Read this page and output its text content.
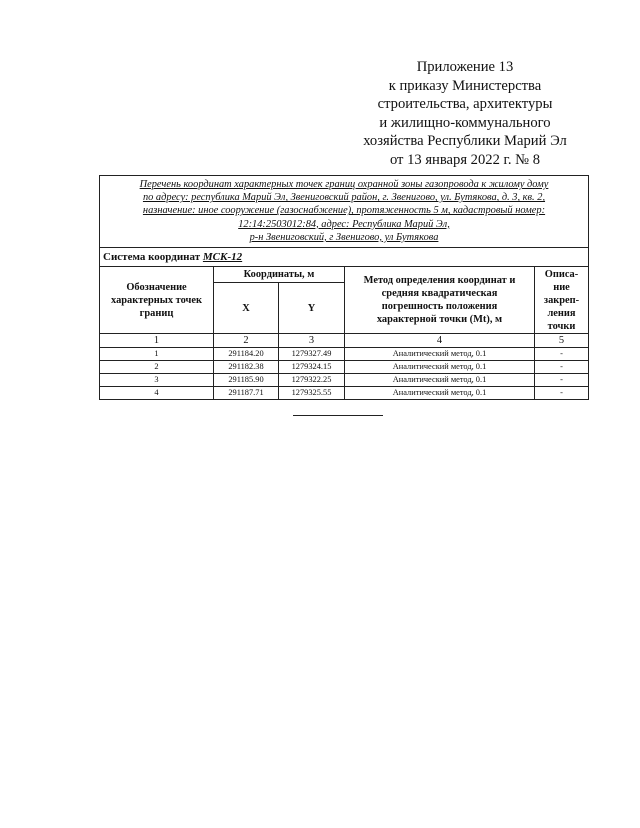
Приложение 13
к приказу Министерства
строительства, архитектуры
и жилищно-коммунального
хозяйства Республики Марий Эл
от 13 января 2022 г. № 8
Перечень координат характерных точек границ охранной зоны газопровода к жилому дому
по адресу: республика Марий Эл, Звениговский район, г. Звенигово, ул. Бутякова, д. 3, кв. 2,
назначение: иное сооружение (газоснабжение), протяженность 5 м, кадастровый номер:
12:14:2503012:84, адрес: Республика Марий Эл,
р-н Звениговский, г Звенигово, ул Бутякова				

Система координат МСК-12				
Обозначение характерных точек границ	Координаты, м		Метод определения координат и средняя квадратическая погрешность положения характерной точки (Mt), м	Описа-ние закреп-ления точки
	X	Y		
1	2	3	4	5
1	291184.20	1279327.49	Аналитический метод, 0.1	-
2	291182.38	1279324.15	Аналитический метод, 0.1	-
3	291185.90	1279322.25	Аналитический метод, 0.1	-
4	291187.71	1279325.55	Аналитический метод, 0.1	-
